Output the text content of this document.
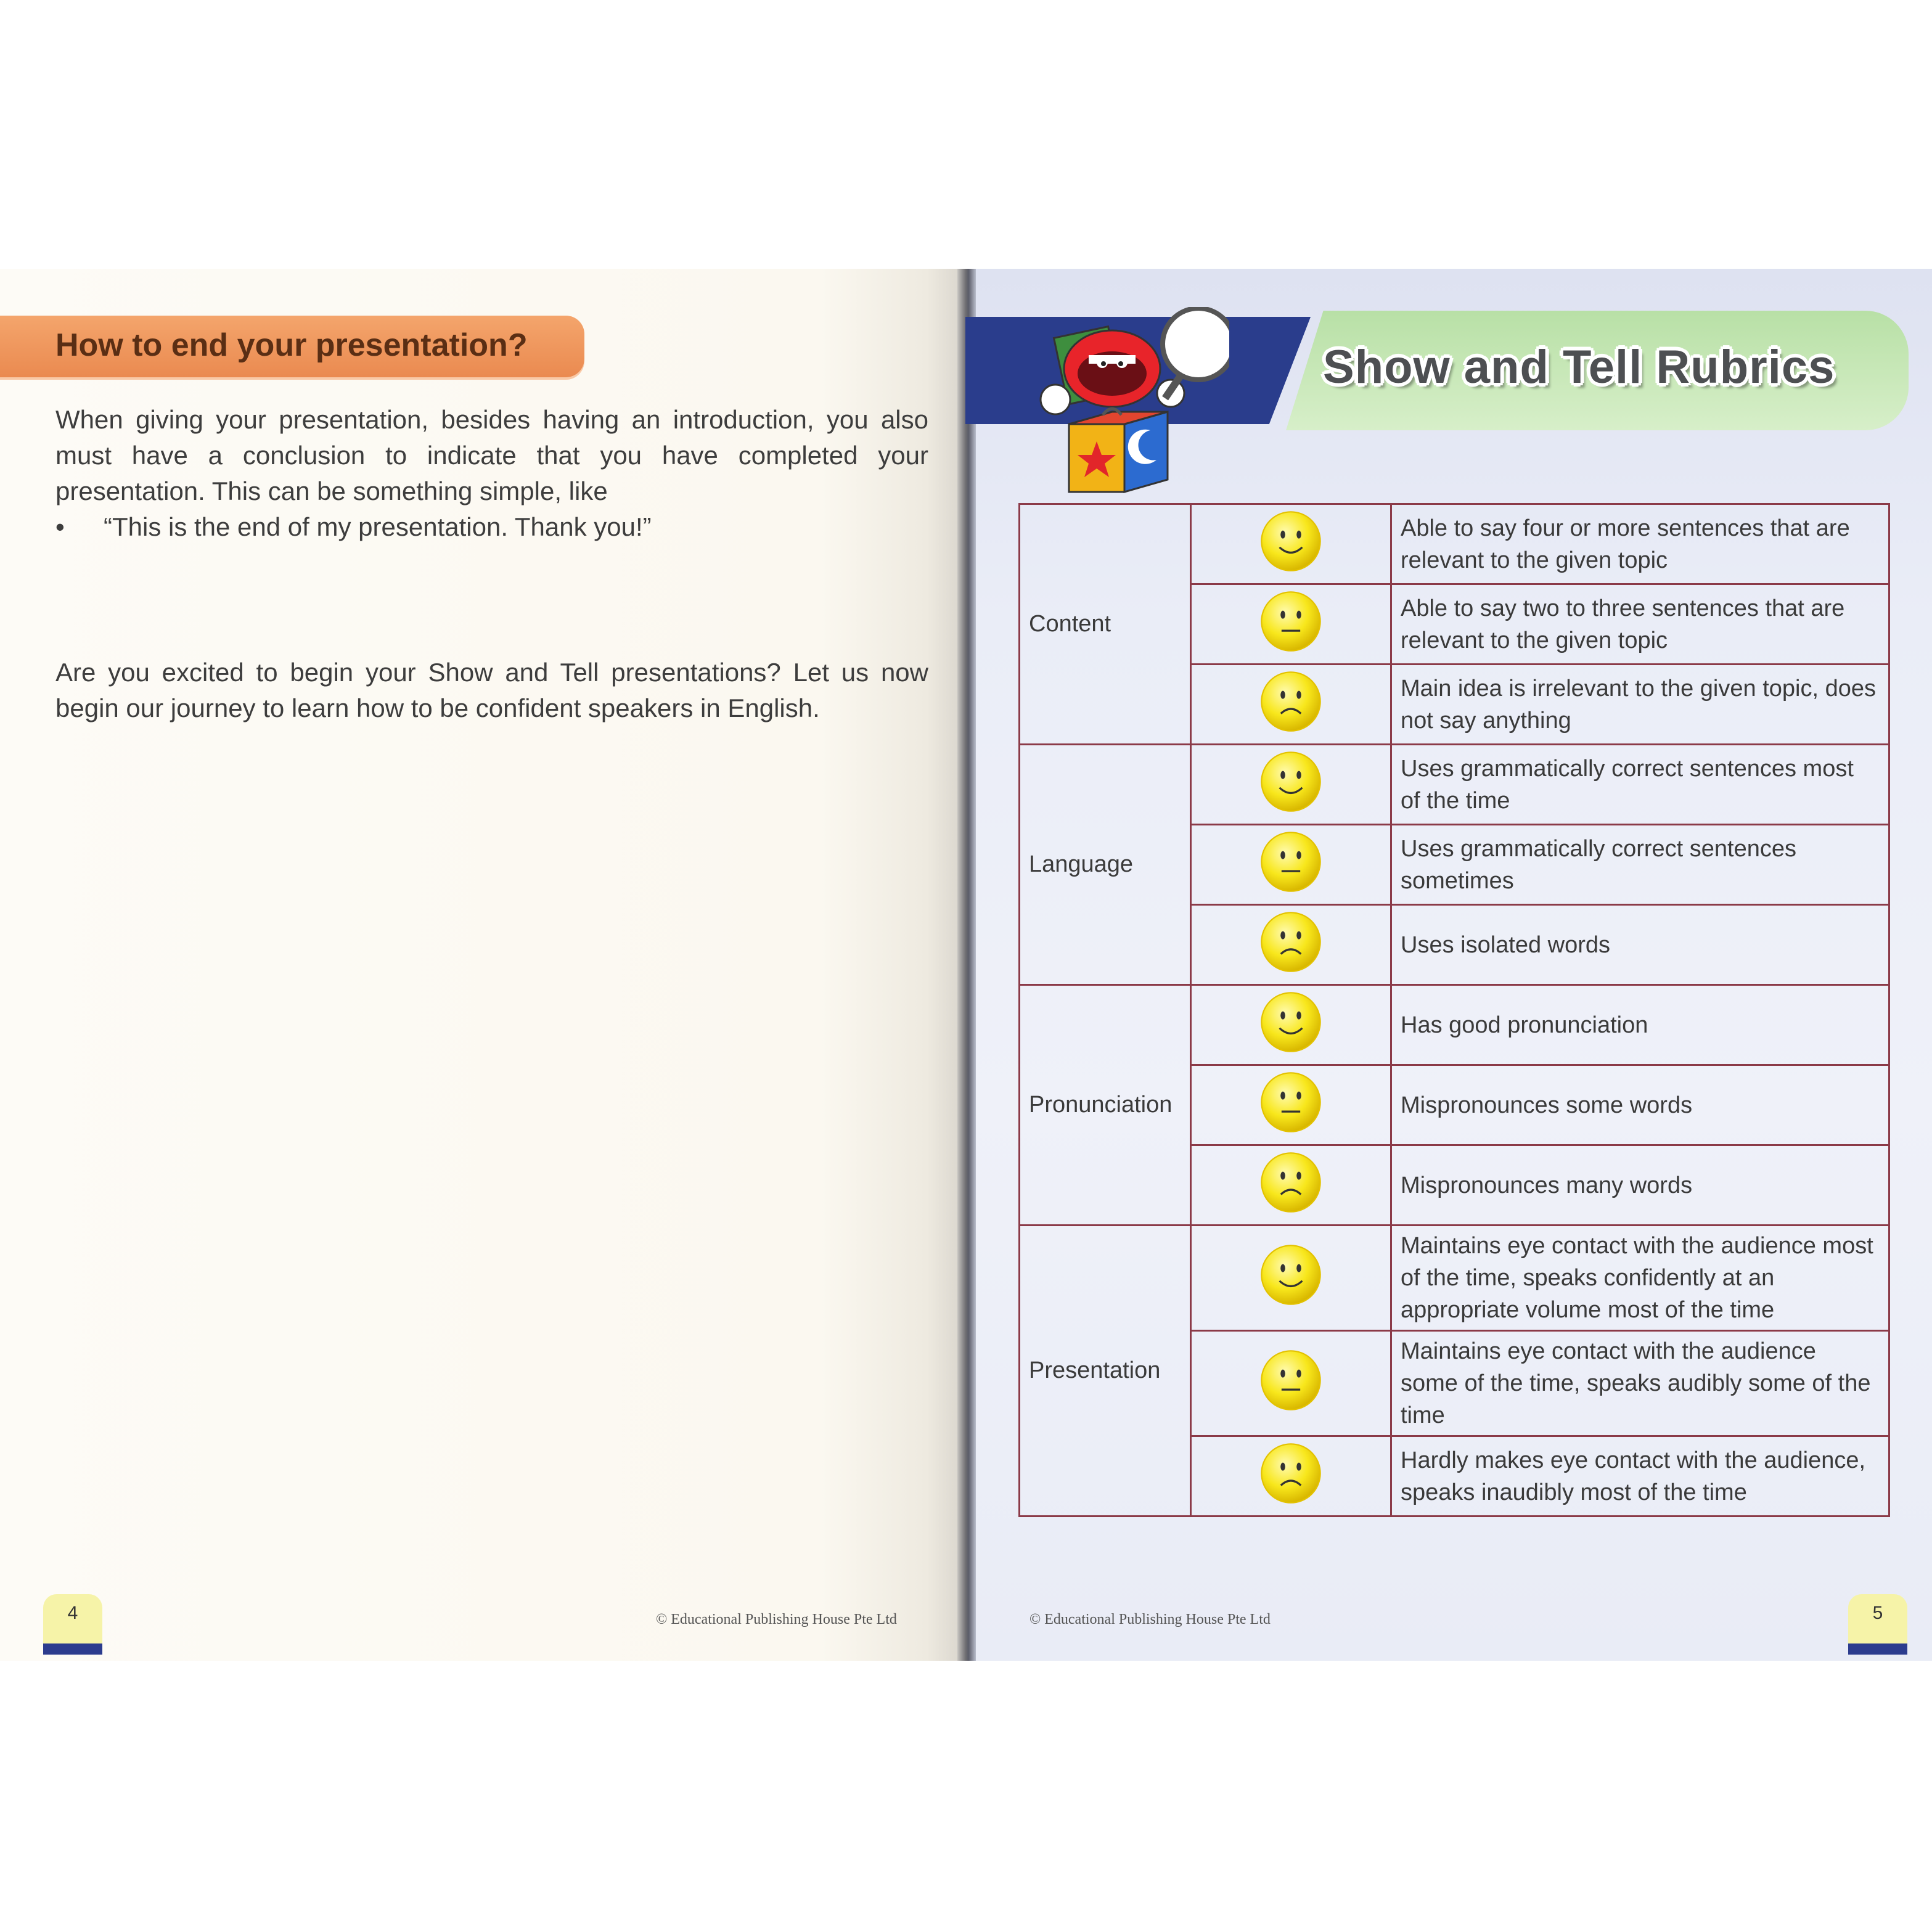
How to end your presentation?

When giving your presentation, besides having an introduction, you also must have a conclusion to indicate that you have completed your presentation. This can be something simple, like

• “This is the end of my presentation. Thank you!”

Are you excited to begin your Show and Tell presentations? Let us now begin our journey to learn how to be confident speakers in English.

4	© Educational Publishing House Pte Ltd	© Educational Publishing House Pte Ltd	5
Show and Tell Rubrics
Content		Able to say four or more sentences that are relevant to the given topic
	Able to say two to three sentences that are relevant to the given topic
	Main idea is irrelevant to the given topic, does not say anything
Language		Uses grammatically correct sentences most of the time
	Uses grammatically correct sentences sometimes
	Uses isolated words
Pronunciation		Has good pronunciation
	Mispronounces some words
	Mispronounces many words
Presentation		Maintains eye contact with the audience most of the time, speaks confidently at an appropriate volume most of the time
	Maintains eye contact with the audience some of the time, speaks audibly some of the time
	Hardly makes eye contact with the audience, speaks inaudibly most of the time
